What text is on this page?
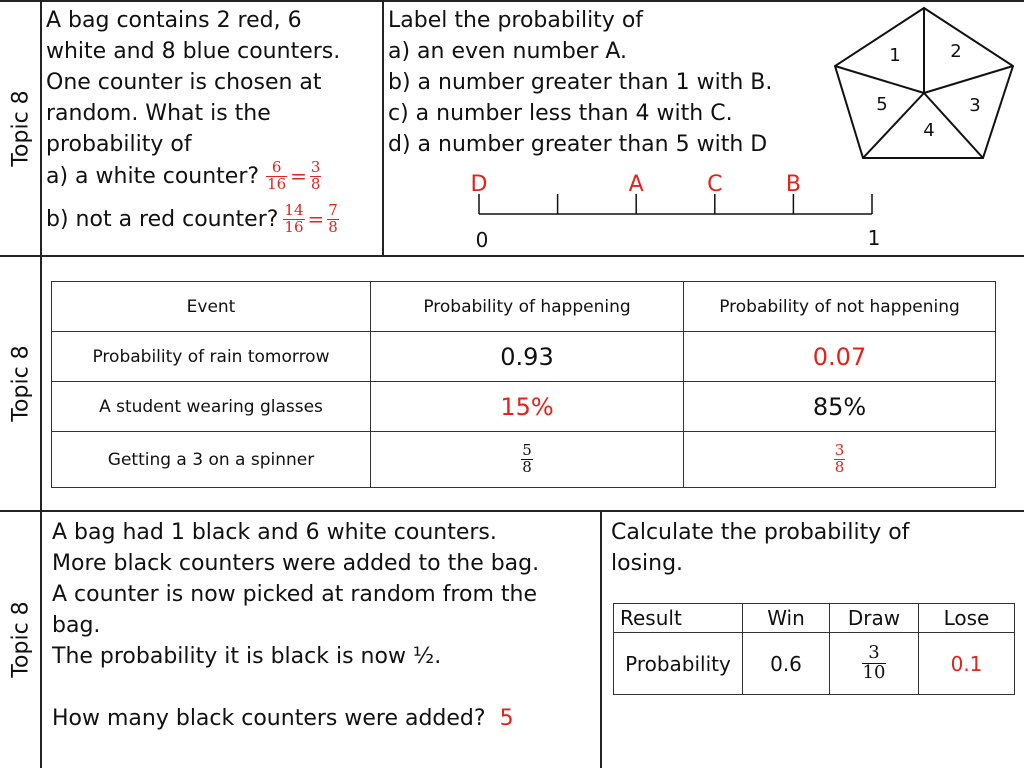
Topic 8
Topic 8
Topic 8
A bag contains 2 red, 6
white and 8 blue counters.
One counter is chosen at
random. What is the
probability of
a) a white counter? $\frac{6}{16} = \frac{3}{8}$
b) not a red counter? $\frac{14}{16} = \frac{7}{8}$
Label the probability of
a) an even number A.
b) a number greater than 1 with B.
c) a number less than 4 with C.
d) a number greater than 5 with D
1	2
3
4
5
0	1
D	A	C	B
Event	Probability of happening	Probability of not happening
Probability of rain tomorrow	0.93	0.07
A student wearing glasses	15%	85%
Getting a 3 on a spinner	$\frac{5}{8}$	$\frac{3}{8}$
A bag had 1 black and 6 white counters.
More black counters were added to the bag.
A counter is now picked at random from the
bag.
The probability it is black is now ½.
How many black counters were added? 5
Calculate the probability of
losing.
Result	Win	Draw	Lose
Probability	0.6	$\frac{3}{10}$	0.1
